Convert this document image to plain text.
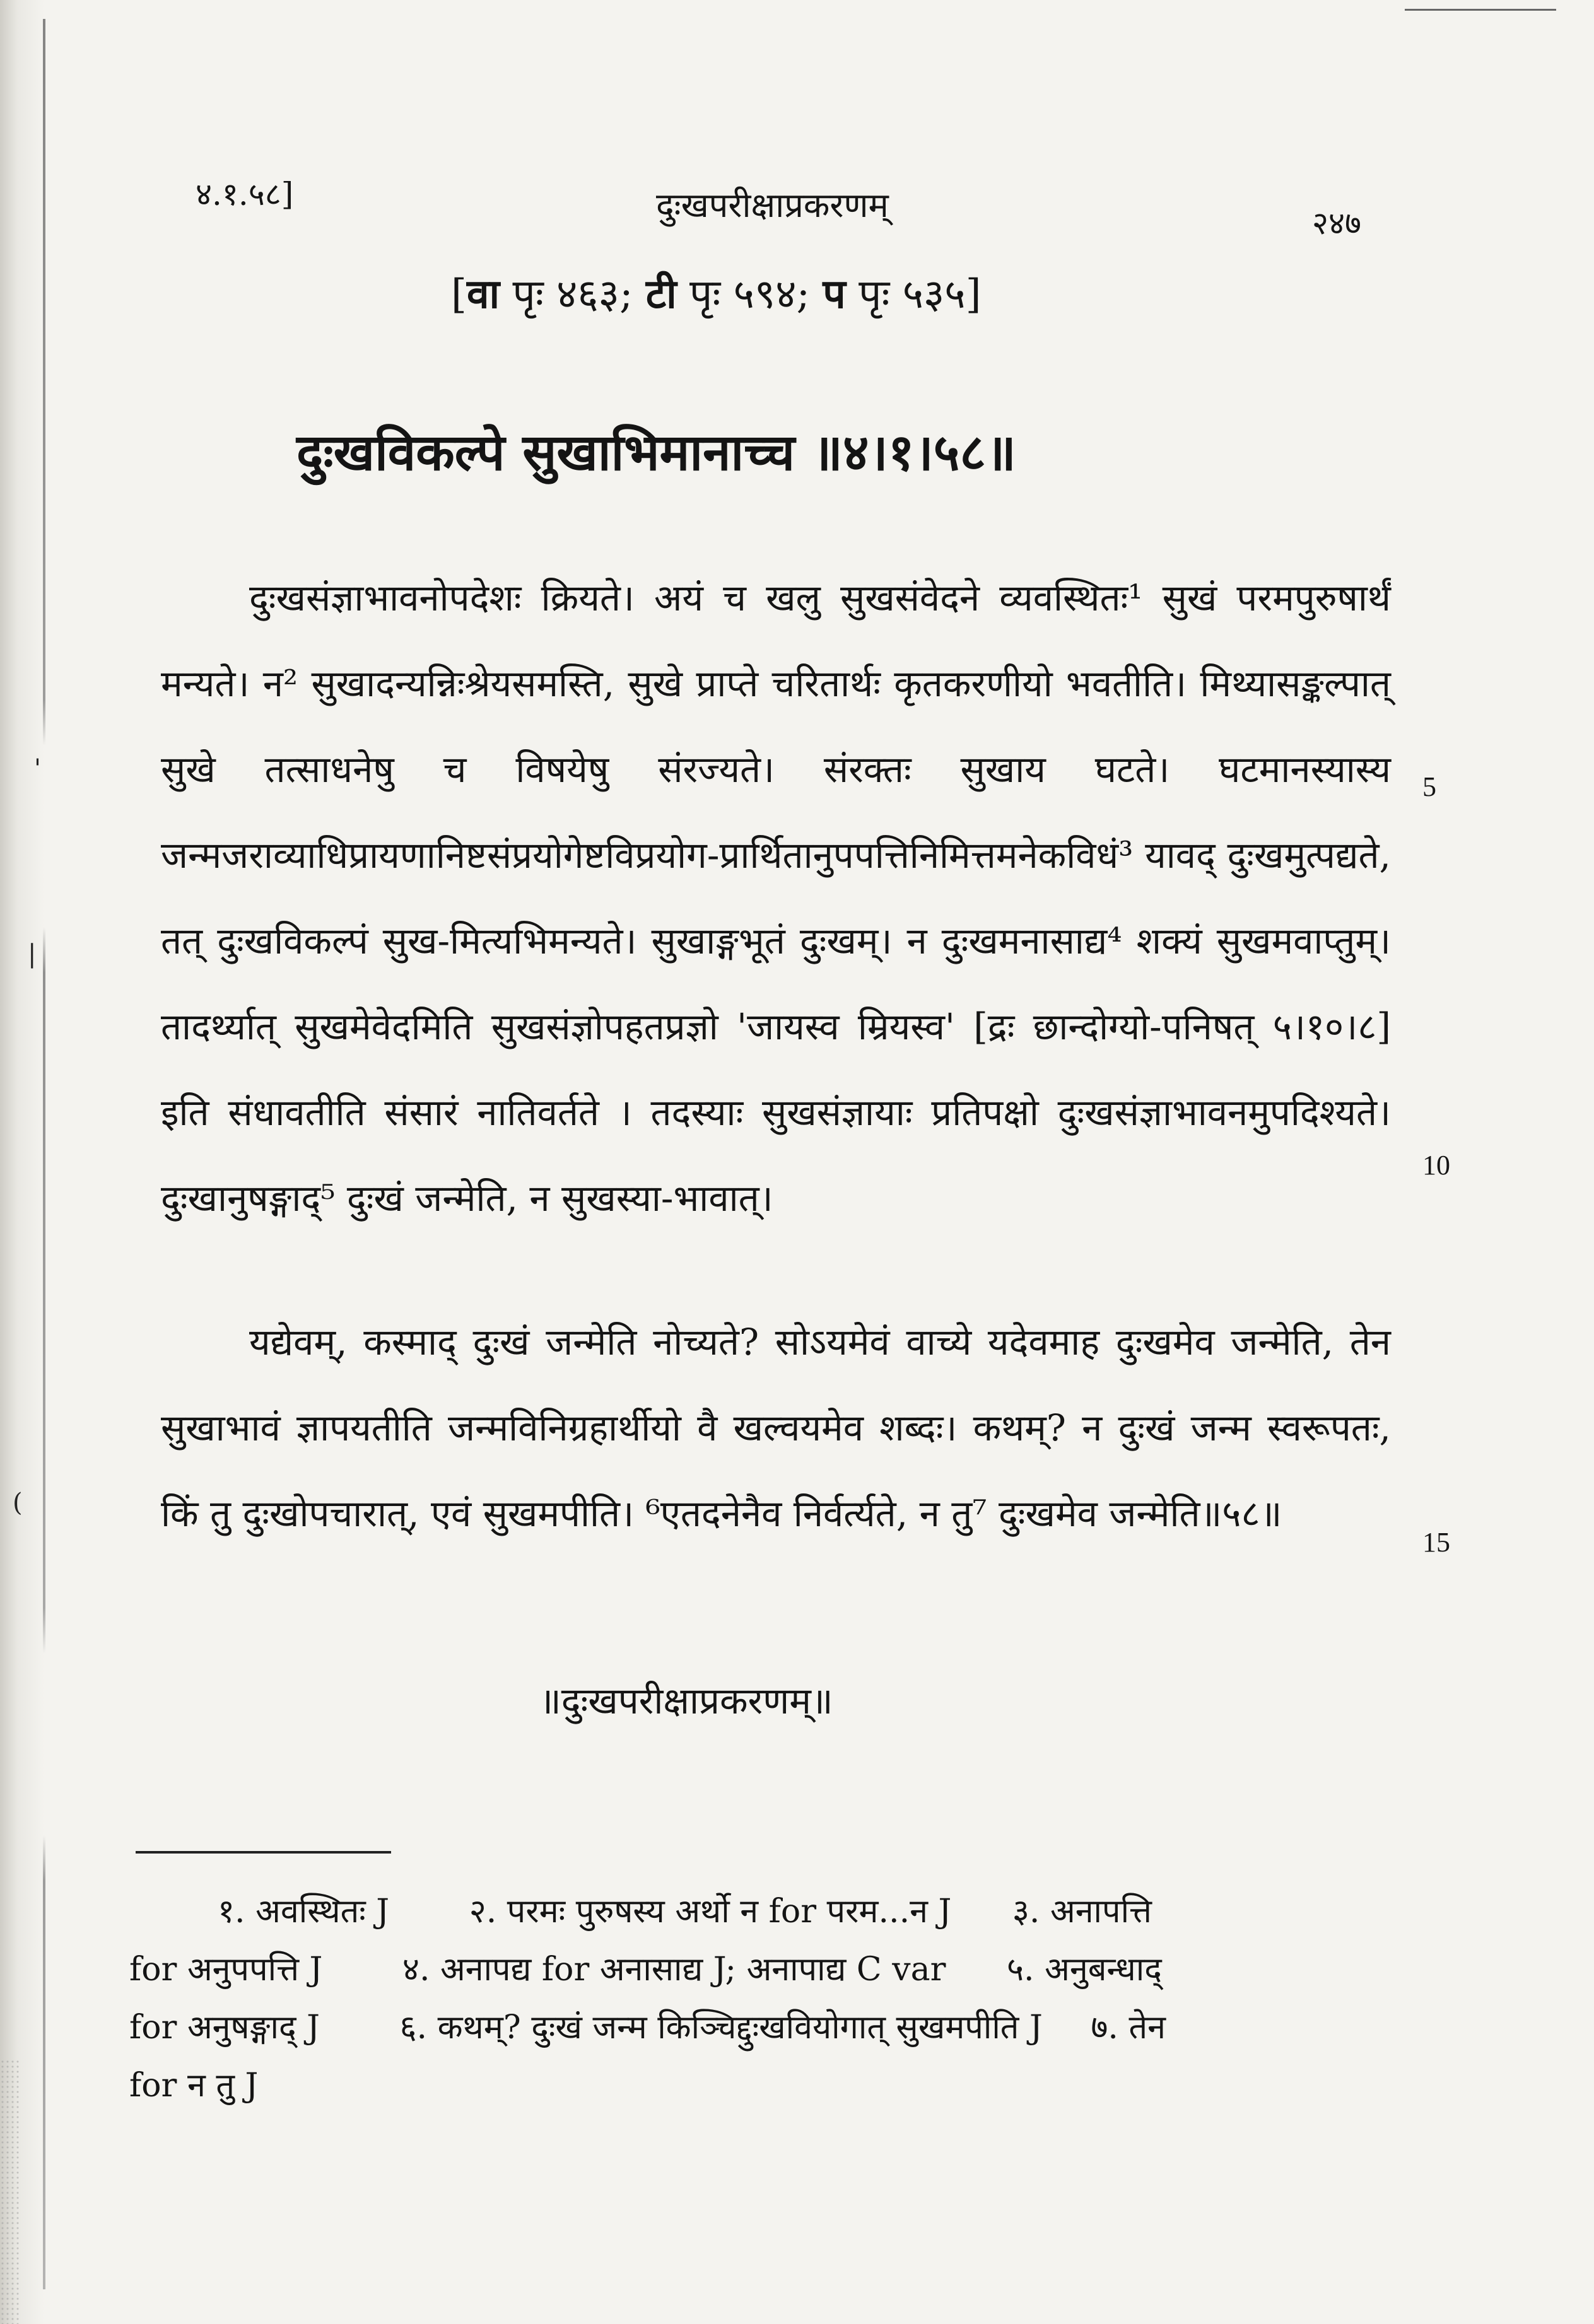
'
|
(
४.१.५८]	दुःखपरीक्षाप्रकरणम्	२४७
[वा पृः ४६३; टी पृः ५९४; प पृः ५३५]
दुःखविकल्पे सुखाभिमानाच्च ॥४।१।५८॥
दुःखसंज्ञाभावनोपदेशः क्रियते। अयं च खलु सुखसंवेदने व्यवस्थितः¹ सुखं परमपुरुषार्थं मन्यते। न² सुखादन्यन्निःश्रेयसमस्ति, सुखे प्राप्ते चरितार्थः कृतकरणीयो भवतीति। मिथ्यासङ्कल्पात् सुखे तत्साधनेषु च विषयेषु संरज्यते। संरक्तः सुखाय घटते। घटमानस्यास्य जन्मजराव्याधिप्रायणानिष्टसंप्रयोगेष्टविप्रयोग-प्रार्थितानुपपत्तिनिमित्तमनेकविधं³ यावद् दुःखमुत्पद्यते, तत् दुःखविकल्पं सुख-मित्यभिमन्यते। सुखाङ्गभूतं दुःखम्। न दुःखमनासाद्य⁴ शक्यं सुखमवाप्तुम्। तादर्थ्यात् सुखमेवेदमिति सुखसंज्ञोपहतप्रज्ञो 'जायस्व म्रियस्व' [द्रः छान्दोग्यो-पनिषत् ५।१०।८] इति संधावतीति संसारं नातिवर्तते । तदस्याः सुखसंज्ञायाः प्रतिपक्षो दुःखसंज्ञाभावनमुपदिश्यते। दुःखानुषङ्गाद्⁵ दुःखं जन्मेति, न सुखस्या-भावात्।
यद्येवम्, कस्माद् दुःखं जन्मेति नोच्यते? सोऽयमेवं वाच्ये यदेवमाह दुःखमेव जन्मेति, तेन सुखाभावं ज्ञापयतीति जन्मविनिग्रहार्थीयो वै खल्वयमेव शब्दः। कथम्? न दुःखं जन्म स्वरूपतः, किं तु दुःखोपचारात्, एवं सुखमपीति। ⁶एतदनेनैव निर्वर्त्यते, न तु⁷ दुःखमेव जन्मेति॥५८॥
5
10
15
॥दुःखपरीक्षाप्रकरणम्॥
१. अवस्थितः J २. परमः पुरुषस्य अर्थो न for परम...न J ३. अनापत्ति
for अनुपपत्ति J ४. अनापद्य for अनासाद्य J; अनापाद्य C var ५. अनुबन्धाद्
for अनुषङ्गाद् J ६. कथम्? दुःखं जन्म किञ्चिद्दुःखवियोगात् सुखमपीति J ७. तेन
for न तु J
